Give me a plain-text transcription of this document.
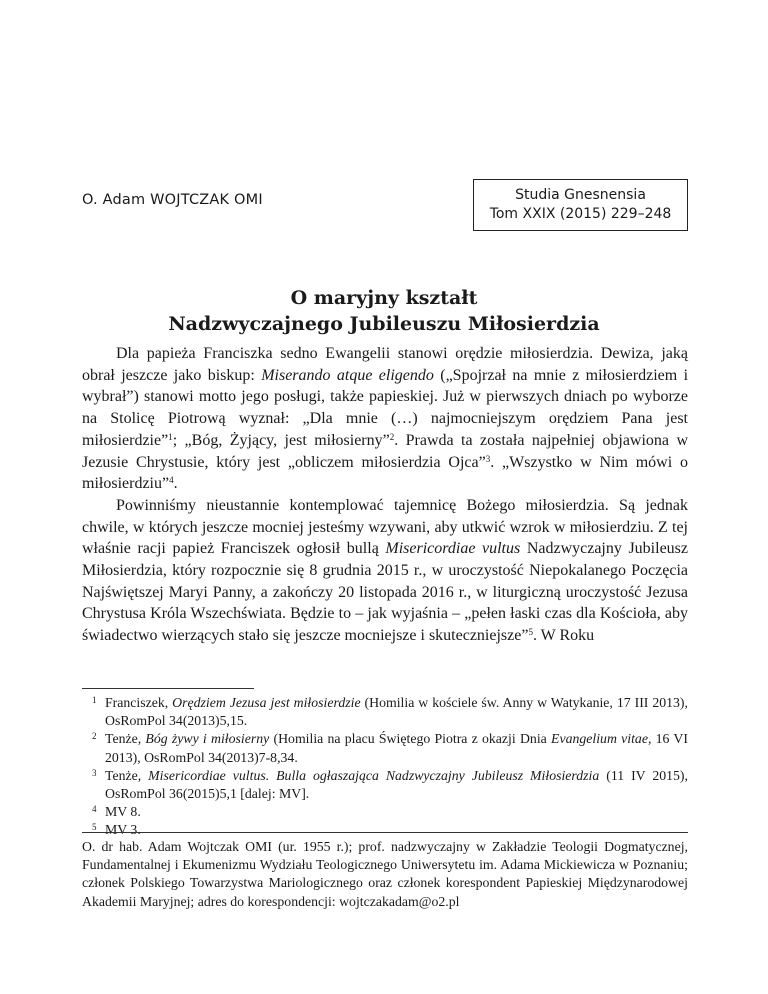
O. Adam WOJTCZAK OMI	Studia Gnesnensia
Tom XXIX (2015) 229–248
O maryjny kształt
Nadzwyczajnego Jubileuszu Miłosierdzia

Dla papieża Franciszka sedno Ewangelii stanowi orędzie miłosierdzia. Dewiza, jaką obrał jeszcze jako biskup: Miserando atque eligendo („Spojrzał na mnie z miłosierdziem i wybrał”) stanowi motto jego posługi, także papieskiej. Już w pierwszych dniach po wyborze na Stolicę Piotrową wyznał: „Dla mnie (…) najmocniejszym orędziem Pana jest miłosierdzie”$^1$; „Bóg, Żyjący, jest miłosierny”$^2$. Prawda ta została najpełniej objawiona w Jezusie Chrystusie, który jest „obliczem miłosierdzia Ojca”$^3$. „Wszystko w Nim mówi o miłosierdziu”$^4$.

Powinniśmy nieustannie kontemplować tajemnicę Bożego miłosierdzia. Są jednak chwile, w których jeszcze mocniej jesteśmy wzywani, aby utkwić wzrok w miłosierdziu. Z tej właśnie racji papież Franciszek ogłosił bullą Misericordiae vultus Nadzwyczajny Jubileusz Miłosierdzia, który rozpocznie się 8 grudnia 2015 r., w uroczystość Niepokalanego Poczęcia Najświętszej Maryi Panny, a zakończy 20 listopada 2016 r., w liturgiczną uroczystość Jezusa Chrystusa Króla Wszechświata. Będzie to – jak wyjaśnia – „pełen łaski czas dla Kościoła, aby świadectwo wierzących stało się jeszcze mocniejsze i skuteczniejsze”$^5$. W Roku

1 Franciszek, Orędziem Jezusa jest miłosierdzie (Homilia w kościele św. Anny w Watykanie, 17 III 2013), OsRomPol 34(2013)5,15.
2 Tenże, Bóg żywy i miłosierny (Homilia na placu Świętego Piotra z okazji Dnia Evangelium vitae, 16 VI 2013), OsRomPol 34(2013)7-8,34.
3 Tenże, Misericordiae vultus. Bulla ogłaszająca Nadzwyczajny Jubileusz Miłosierdzia (11 IV 2015), OsRomPol 36(2015)5,1 [dalej: MV].
4 MV 8.
5 MV 3.
O. dr hab. Adam Wojtczak OMI (ur. 1955 r.); prof. nadzwyczajny w Zakładzie Teologii Dogmatycznej, Fundamentalnej i Ekumenizmu Wydziału Teologicznego Uniwersytetu im. Adama Mickiewicza w Poznaniu; członek Polskiego Towarzystwa Mariologicznego oraz członek korespondent Papieskiej Międzynarodowej Akademii Maryjnej; adres do korespondencji: wojtczakadam@o2.pl
